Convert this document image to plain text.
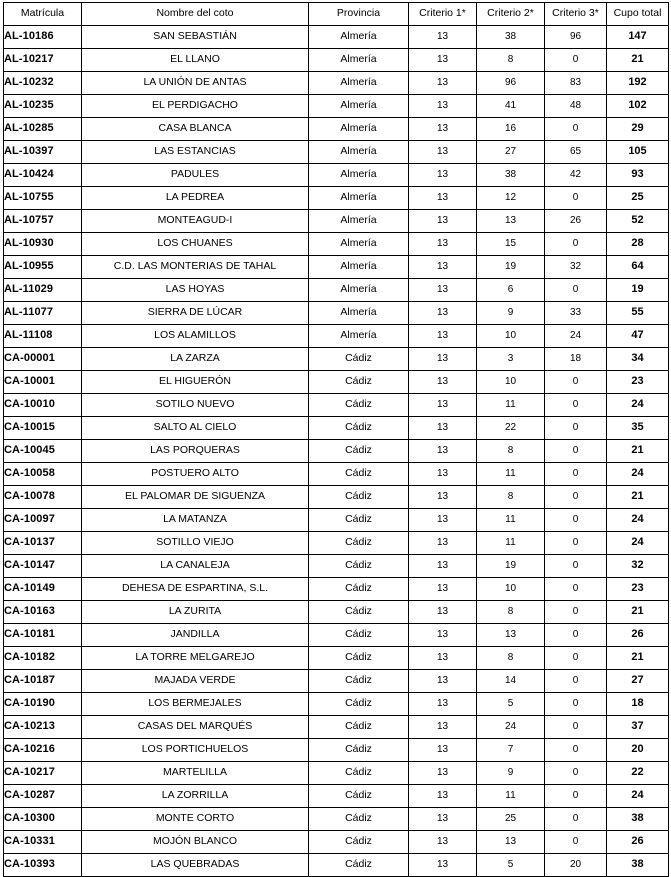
Matrícula	Nombre del coto	Provincia	Criterio 1*	Criterio 2*	Criterio 3*	Cupo total
AL-10186	SAN SEBASTIÁN	Almería	13	38	96	147
AL-10217	EL LLANO	Almería	13	8	0	21
AL-10232	LA UNIÓN DE ANTAS	Almería	13	96	83	192
AL-10235	EL PERDIGACHO	Almería	13	41	48	102
AL-10285	CASA BLANCA	Almería	13	16	0	29
AL-10397	LAS ESTANCIAS	Almería	13	27	65	105
AL-10424	PADULES	Almería	13	38	42	93
AL-10755	LA PEDREA	Almería	13	12	0	25
AL-10757	MONTEAGUD-I	Almería	13	13	26	52
AL-10930	LOS CHUANES	Almería	13	15	0	28
AL-10955	C.D. LAS MONTERIAS DE TAHAL	Almería	13	19	32	64
AL-11029	LAS HOYAS	Almería	13	6	0	19
AL-11077	SIERRA DE LÚCAR	Almería	13	9	33	55
AL-11108	LOS ALAMILLOS	Almería	13	10	24	47
CA-00001	LA ZARZA	Cádiz	13	3	18	34
CA-10001	EL HIGUERÓN	Cádiz	13	10	0	23
CA-10010	SOTILO NUEVO	Cádiz	13	11	0	24
CA-10015	SALTO AL CIELO	Cádiz	13	22	0	35
CA-10045	LAS PORQUERAS	Cádiz	13	8	0	21
CA-10058	POSTUERO ALTO	Cádiz	13	11	0	24
CA-10078	EL PALOMAR DE SIGUENZA	Cádiz	13	8	0	21
CA-10097	LA MATANZA	Cádiz	13	11	0	24
CA-10137	SOTILLO VIEJO	Cádiz	13	11	0	24
CA-10147	LA CANALEJA	Cádiz	13	19	0	32
CA-10149	DEHESA DE ESPARTINA, S.L.	Cádiz	13	10	0	23
CA-10163	LA ZURITA	Cádiz	13	8	0	21
CA-10181	JANDILLA	Cádiz	13	13	0	26
CA-10182	LA TORRE MELGAREJO	Cádiz	13	8	0	21
CA-10187	MAJADA VERDE	Cádiz	13	14	0	27
CA-10190	LOS BERMEJALES	Cádiz	13	5	0	18
CA-10213	CASAS DEL MARQUÉS	Cádiz	13	24	0	37
CA-10216	LOS PORTICHUELOS	Cádiz	13	7	0	20
CA-10217	MARTELILLA	Cádiz	13	9	0	22
CA-10287	LA ZORRILLA	Cádiz	13	11	0	24
CA-10300	MONTE CORTO	Cádiz	13	25	0	38
CA-10331	MOJÓN BLANCO	Cádiz	13	13	0	26
CA-10393	LAS QUEBRADAS	Cádiz	13	5	20	38
